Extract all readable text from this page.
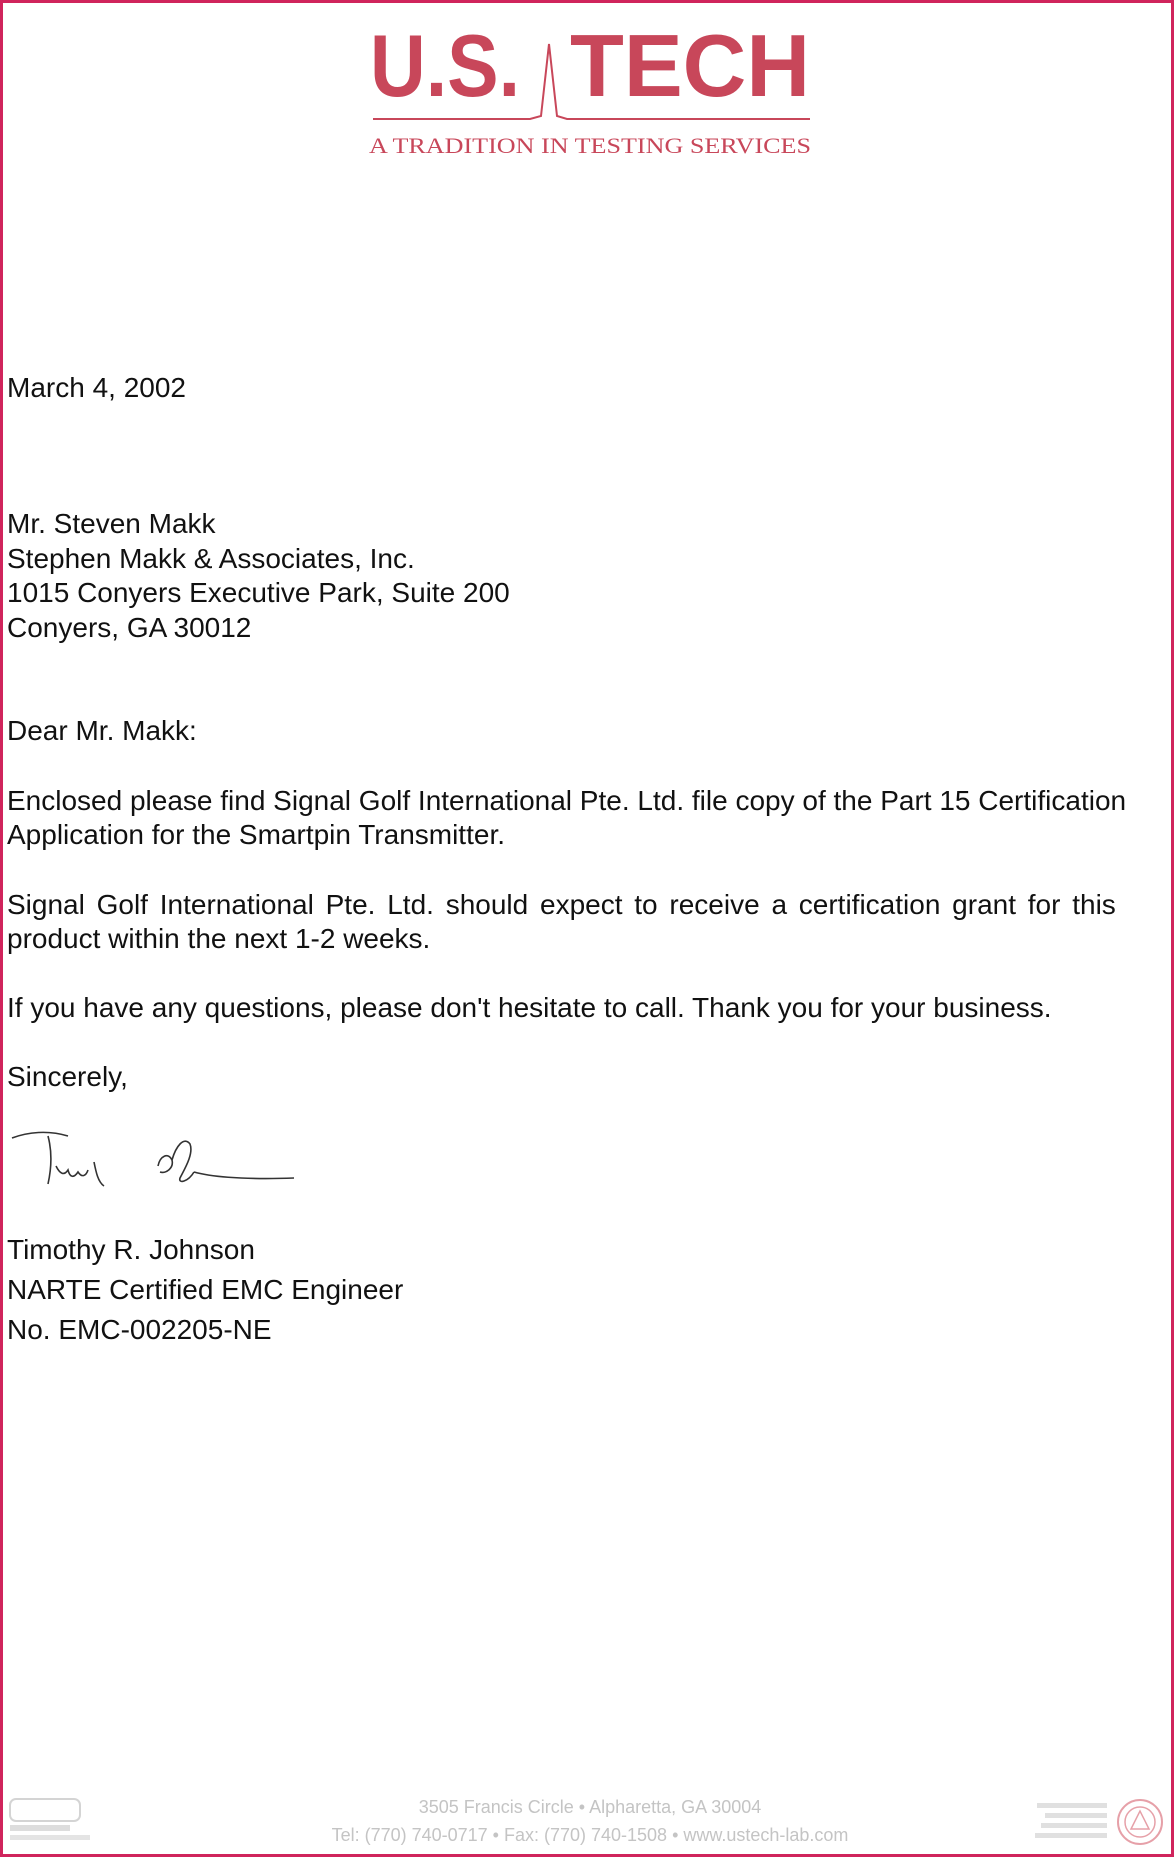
U.S. TECH
A TRADITION IN TESTING SERVICES
March 4, 2002
Mr. Steven Makk
Stephen Makk & Associates, Inc.
1015 Conyers Executive Park, Suite 200
Conyers, GA 30012
Dear Mr. Makk:
Enclosed please find Signal Golf International Pte. Ltd. file copy of the Part 15 Certification
Application for the Smartpin Transmitter.
Signal Golf International Pte. Ltd. should expect to receive a certification grant for this
product within the next 1-2 weeks.
If you have any questions, please don't hesitate to call. Thank you for your business.
Sincerely,
Timothy R. Johnson
NARTE Certified EMC Engineer
No. EMC-002205-NE
3505 Francis Circle • Alpharetta, GA 30004
Tel: (770) 740-0717 • Fax: (770) 740-1508 • www.ustech-lab.com
